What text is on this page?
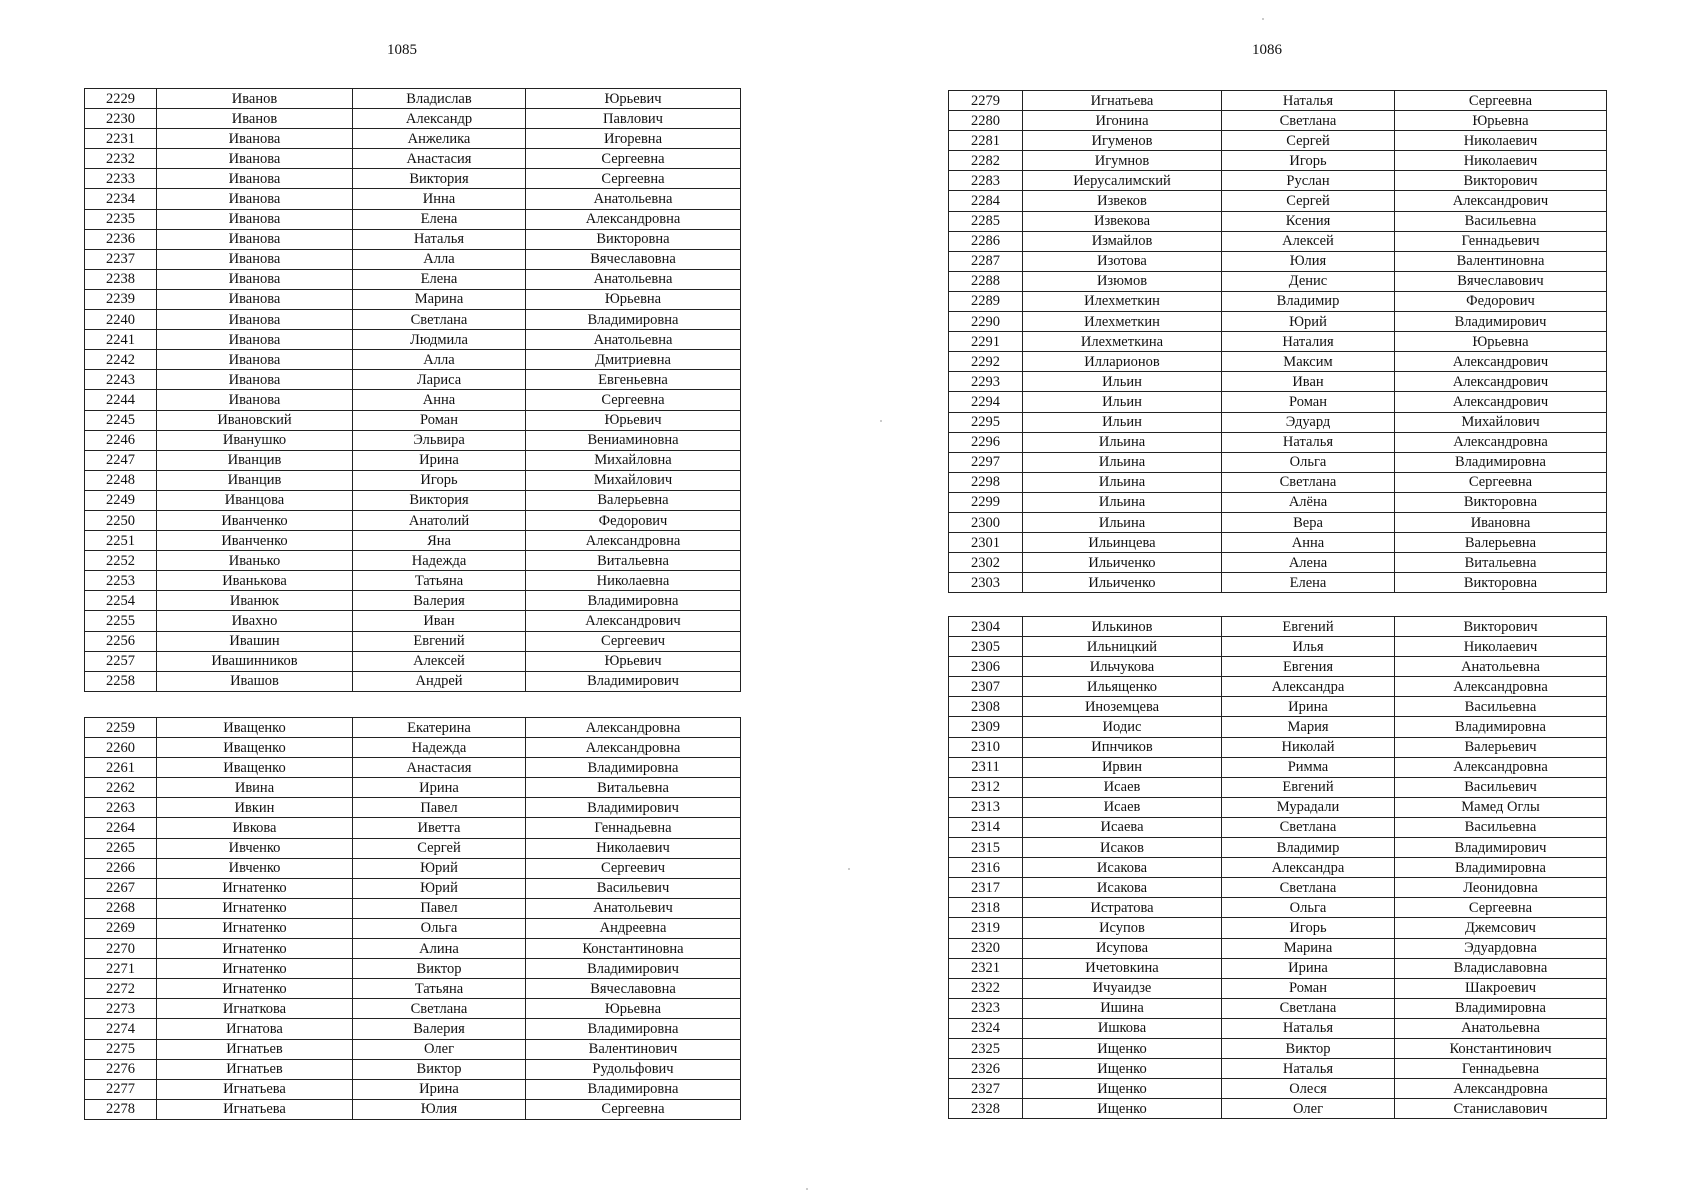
1085
2229	Иванов	Владислав	Юрьевич
2230	Иванов	Александр	Павлович
2231	Иванова	Анжелика	Игоревна
2232	Иванова	Анастасия	Сергеевна
2233	Иванова	Виктория	Сергеевна
2234	Иванова	Инна	Анатольевна
2235	Иванова	Елена	Александровна
2236	Иванова	Наталья	Викторовна
2237	Иванова	Алла	Вячеславовна
2238	Иванова	Елена	Анатольевна
2239	Иванова	Марина	Юрьевна
2240	Иванова	Светлана	Владимировна
2241	Иванова	Людмила	Анатольевна
2242	Иванова	Алла	Дмитриевна
2243	Иванова	Лариса	Евгеньевна
2244	Иванова	Анна	Сергеевна
2245	Ивановский	Роман	Юрьевич
2246	Иванушко	Эльвира	Вениаминовна
2247	Иванцив	Ирина	Михайловна
2248	Иванцив	Игорь	Михайлович
2249	Иванцова	Виктория	Валерьевна
2250	Иванченко	Анатолий	Федорович
2251	Иванченко	Яна	Александровна
2252	Иванько	Надежда	Витальевна
2253	Иванькова	Татьяна	Николаевна
2254	Иванюк	Валерия	Владимировна
2255	Ивахно	Иван	Александрович
2256	Ивашин	Евгений	Сергеевич
2257	Ивашинников	Алексей	Юрьевич
2258	Ивашов	Андрей	Владимирович
2259	Иващенко	Екатерина	Александровна
2260	Иващенко	Надежда	Александровна
2261	Иващенко	Анастасия	Владимировна
2262	Ивина	Ирина	Витальевна
2263	Ивкин	Павел	Владимирович
2264	Ивкова	Иветта	Геннадьевна
2265	Ивченко	Сергей	Николаевич
2266	Ивченко	Юрий	Сергеевич
2267	Игнатенко	Юрий	Васильевич
2268	Игнатенко	Павел	Анатольевич
2269	Игнатенко	Ольга	Андреевна
2270	Игнатенко	Алина	Константиновна
2271	Игнатенко	Виктор	Владимирович
2272	Игнатенко	Татьяна	Вячеславовна
2273	Игнаткова	Светлана	Юрьевна
2274	Игнатова	Валерия	Владимировна
2275	Игнатьев	Олег	Валентинович
2276	Игнатьев	Виктор	Рудольфович
2277	Игнатьева	Ирина	Владимировна
2278	Игнатьева	Юлия	Сергеевна
1086
2279	Игнатьева	Наталья	Сергеевна
2280	Игонина	Светлана	Юрьевна
2281	Игуменов	Сергей	Николаевич
2282	Игумнов	Игорь	Николаевич
2283	Иерусалимский	Руслан	Викторович
2284	Извеков	Сергей	Александрович
2285	Извекова	Ксения	Васильевна
2286	Измайлов	Алексей	Геннадьевич
2287	Изотова	Юлия	Валентиновна
2288	Изюмов	Денис	Вячеславович
2289	Илехметкин	Владимир	Федорович
2290	Илехметкин	Юрий	Владимирович
2291	Илехметкина	Наталия	Юрьевна
2292	Илларионов	Максим	Александрович
2293	Ильин	Иван	Александрович
2294	Ильин	Роман	Александрович
2295	Ильин	Эдуард	Михайлович
2296	Ильина	Наталья	Александровна
2297	Ильина	Ольга	Владимировна
2298	Ильина	Светлана	Сергеевна
2299	Ильина	Алёна	Викторовна
2300	Ильина	Вера	Ивановна
2301	Ильинцева	Анна	Валерьевна
2302	Ильиченко	Алена	Витальевна
2303	Ильиченко	Елена	Викторовна
2304	Илькинов	Евгений	Викторович
2305	Ильницкий	Илья	Николаевич
2306	Ильчукова	Евгения	Анатольевна
2307	Ильященко	Александра	Александровна
2308	Иноземцева	Ирина	Васильевна
2309	Иодис	Мария	Владимировна
2310	Ипнчиков	Николай	Валерьевич
2311	Ирвин	Римма	Александровна
2312	Исаев	Евгений	Васильевич
2313	Исаев	Мурадали	Мамед Оглы
2314	Исаева	Светлана	Васильевна
2315	Исаков	Владимир	Владимирович
2316	Исакова	Александра	Владимировна
2317	Исакова	Светлана	Леонидовна
2318	Истратова	Ольга	Сергеевна
2319	Исупов	Игорь	Джемсович
2320	Исупова	Марина	Эдуардовна
2321	Ичетовкина	Ирина	Владиславовна
2322	Ичуаидзе	Роман	Шакроевич
2323	Ишина	Светлана	Владимировна
2324	Ишкова	Наталья	Анатольевна
2325	Ищенко	Виктор	Константинович
2326	Ищенко	Наталья	Геннадьевна
2327	Ищенко	Олеся	Александровна
2328	Ищенко	Олег	Станиславович
